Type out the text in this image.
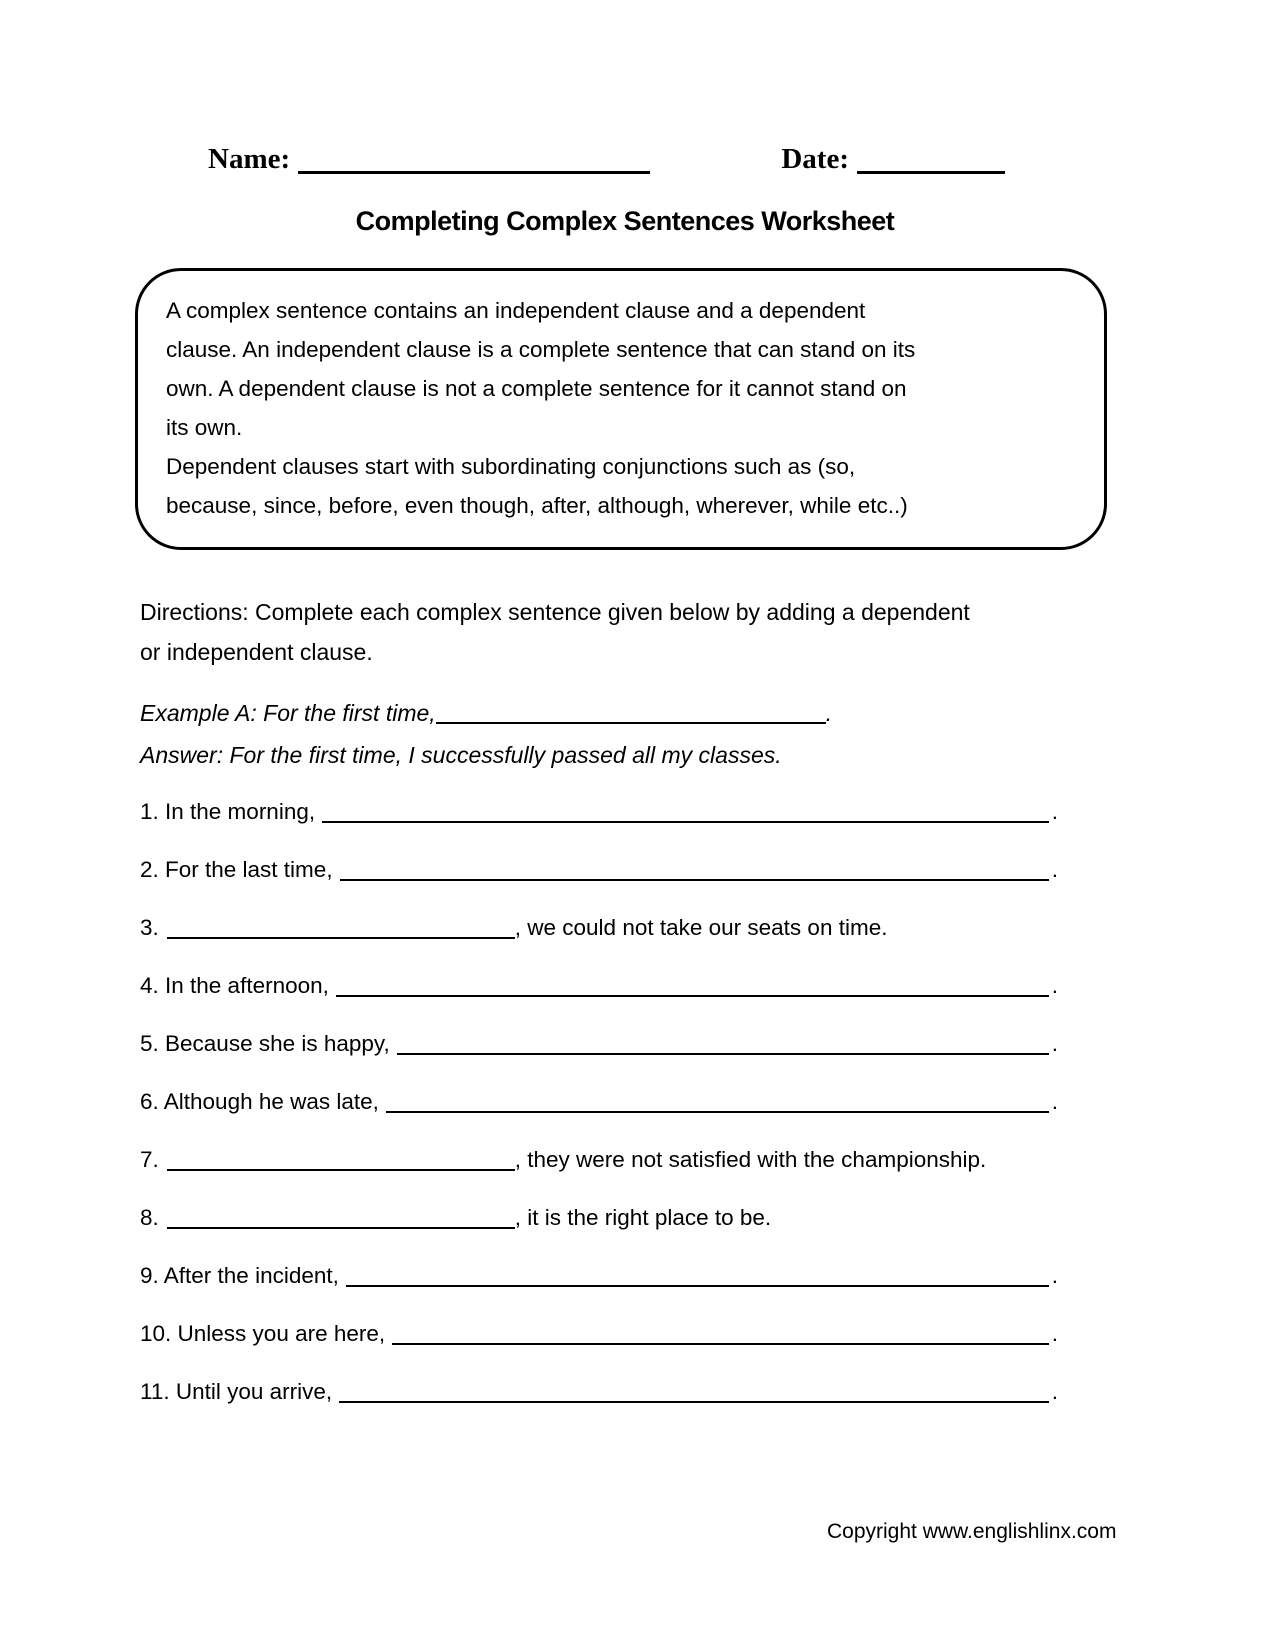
Name:	Date:
Completing Complex Sentences Worksheet
A complex sentence contains an independent clause and a dependent
clause. An independent clause is a complete sentence that can stand on its
own. A dependent clause is not a complete sentence for it cannot stand on
its own.
Dependent clauses start with subordinating conjunctions such as (so,
because, since, before, even though, after, although, wherever, while etc..)
Directions: Complete each complex sentence given below by adding a dependent
or independent clause.
Example A: For the first time,	.
Answer: For the first time, I successfully passed all my classes.
1. In the morning,	.
2. For the last time,	.
3.	, we could not take our seats on time.
4. In the afternoon,	.
5. Because she is happy,	.
6. Although he was late,	.
7.	, they were not satisfied with the championship.
8.	, it is the right place to be.
9. After the incident,	.
10. Unless you are here,	.
11. Until you arrive,	.
Copyright www.englishlinx.com
